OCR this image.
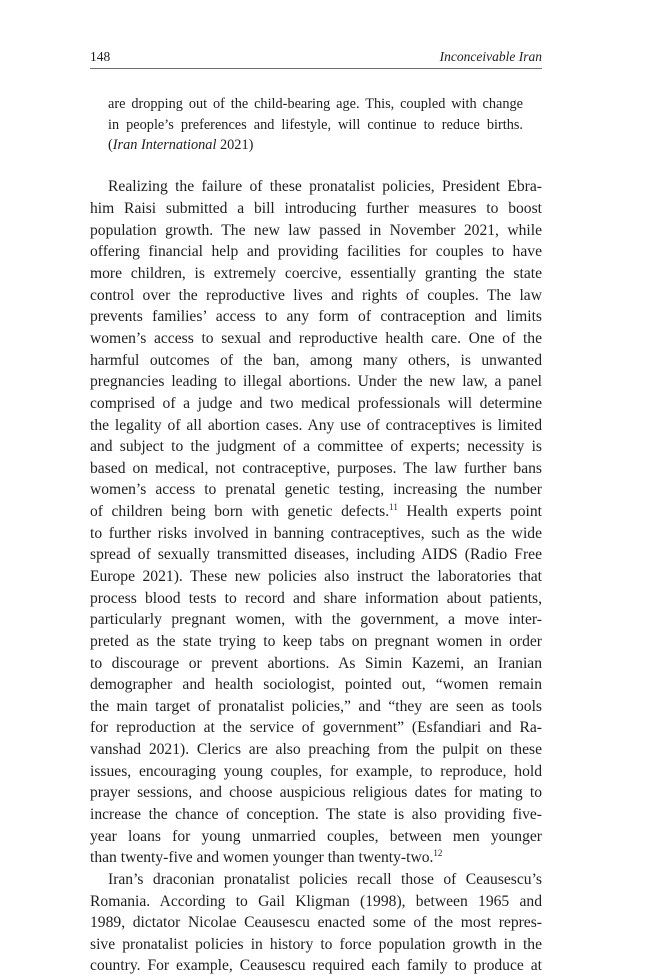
148	Inconceivable Iran
are dropping out of the child-bearing age. This, coupled with change
in people’s preferences and lifestyle, will continue to reduce births.
(Iran International 2021)
Realizing the failure of these pronatalist policies, President Ebra-
him Raisi submitted a bill introducing further measures to boost
population growth. The new law passed in November 2021, while
offering financial help and providing facilities for couples to have
more children, is extremely coercive, essentially granting the state
control over the reproductive lives and rights of couples. The law
prevents families’ access to any form of contraception and limits
women’s access to sexual and reproductive health care. One of the
harmful outcomes of the ban, among many others, is unwanted
pregnancies leading to illegal abortions. Under the new law, a panel
comprised of a judge and two medical professionals will determine
the legality of all abortion cases. Any use of contraceptives is limited
and subject to the judgment of a committee of experts; necessity is
based on medical, not contraceptive, purposes. The law further bans
women’s access to prenatal genetic testing, increasing the number
of children being born with genetic defects.$^{11}$ Health experts point
to further risks involved in banning contraceptives, such as the wide
spread of sexually transmitted diseases, including AIDS (Radio Free
Europe 2021). These new policies also instruct the laboratories that
process blood tests to record and share information about patients,
particularly pregnant women, with the government, a move inter-
preted as the state trying to keep tabs on pregnant women in order
to discourage or prevent abortions. As Simin Kazemi, an Iranian
demographer and health sociologist, pointed out, “women remain
the main target of pronatalist policies,” and “they are seen as tools
for reproduction at the service of government” (Esfandiari and Ra-
vanshad 2021). Clerics are also preaching from the pulpit on these
issues, encouraging young couples, for example, to reproduce, hold
prayer sessions, and choose auspicious religious dates for mating to
increase the chance of conception. The state is also providing five-
year loans for young unmarried couples, between men younger
than twenty-five and women younger than twenty-two.$^{12}$
Iran’s draconian pronatalist policies recall those of Ceausescu’s
Romania. According to Gail Kligman (1998), between 1965 and
1989, dictator Nicolae Ceausescu enacted some of the most repres-
sive pronatalist policies in history to force population growth in the
country. For example, Ceausescu required each family to produce at
